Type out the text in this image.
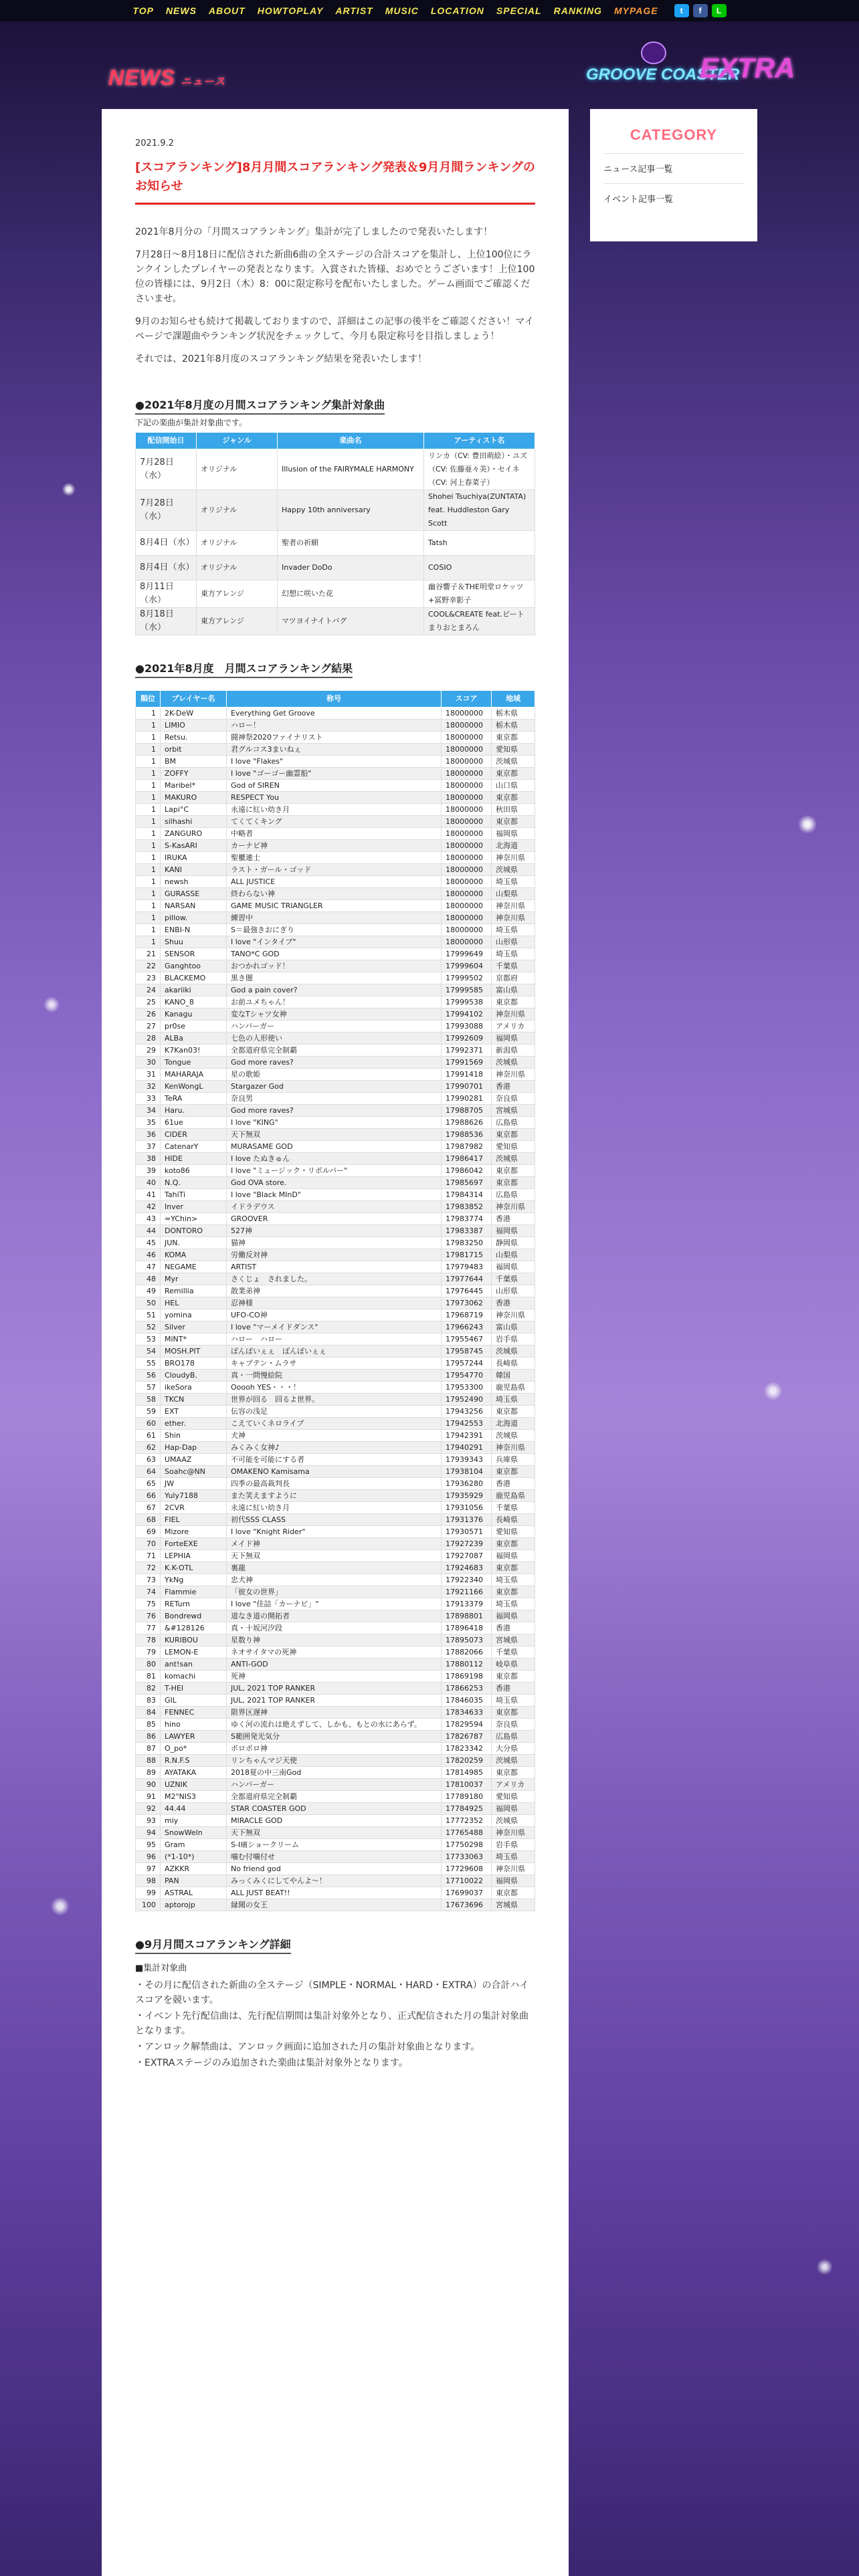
TOP NEWS ABOUT HOWTOPLAY ARTIST MUSIC LOCATION SPECIAL RANKING MYPAGE	t	f	L
NEWS ニュース	GROOVE COASTER
EXTRA
2021.9.2
[スコアランキング]8月月間スコアランキング発表＆9月月間ランキングのお知らせ

2021年8月分の「月間スコアランキング」集計が完了しましたので発表いたします！

7月28日〜8月18日に配信された新曲6曲の全ステージの合計スコアを集計し、上位100位にランクインしたプレイヤーの発表となります。入賞された皆様、おめでとうございます！上位100位の皆様には、9月2日（木）8：00に限定称号を配布いたしました。ゲーム画面でご確認くださいませ。

9月のお知らせも続けて掲載しておりますので、詳細はこの記事の後半をご確認ください！マイページで課題曲やランキング状況をチェックして、今月も限定称号を目指しましょう！

それでは、2021年8月度のスコアランキング結果を発表いたします！

●2021年8月度の月間スコアランキング集計対象曲
下記の楽曲が集計対象曲です。
配信開始日	ジャンル	楽曲名	アーティスト名
7月28日（水）	オリジナル	Illusion of the FAIRYMALE HARMONY	リンカ（CV: 豊田萌絵）・ユズ（CV: 佐藤亜々美）・セイネ（CV: 河上春菜子）
7月28日（水）	オリジナル	Happy 10th anniversary	Shohei Tsuchiya(ZUNTATA) feat. Huddleston Gary Scott
8月4日（水）	オリジナル	聖者の祈願	Tatsh
8月4日（水）	オリジナル	Invader DoDo	COSIO
8月11日（水）	東方アレンジ	幻想に咲いた花	幽谷響子＆THE明堂ロケッツ+冨野幸影子
8月18日（水）	東方アレンジ	マツヨイナイトバグ	COOL&CREATE feat.ビートまりおとまろん
●2021年8月度　月間スコアランキング結果
順位	プレイヤー名	称号	スコア	地域
1	2K-DeW	Everything Get Groove	18000000	栃木県
1	LIMIO	ハロー！	18000000	栃木県
1	Retsu.	闘神祭2020ファイナリスト	18000000	東京都
1	orbit	君グルコス3まいねぇ	18000000	愛知県
1	BM	I love "Flakes"	18000000	茨城県
1	ZOFFY	I love "ゴーゴー幽霊船"	18000000	東京都
1	Maribel*	God of SIREN	18000000	山口県
1	MAKURO	RESPECT You	18000000	東京都
1	Lapi°C	永遠に紅い幼き月	18000000	秋田県
1	silhashi	てくてくキング	18000000	東京都
1	ZANGURO	中略者	18000000	福岡県
1	S-KasARI	カーナビ神	18000000	北海道
1	IRUKA	聖櫃連士	18000000	神奈川県
1	KANI	ラスト・ガール・ゴッド	18000000	茨城県
1	newsh	ALL JUSTICE	18000000	埼玉県
1	GURASSE	終わらない神	18000000	山梨県
1	NARSAN	GAME MUSIC TRIANGLER	18000000	神奈川県
1	pillow.	練習中	18000000	神奈川県
1	ENBI-N	S＝最強きおにぎり	18000000	埼玉県
1	Shuu	I love "インタイプ"	18000000	山形県
21	SENSOR	TANO*C GOD	17999649	埼玉県
22	Ganghtoo	おつかれゴッド！	17999604	千葉県
23	BLACKEMO	黒き闇	17999502	京都府
24	akariiki	God a pain cover?	17999585	富山県
25	KANO_8	お前ユメちゃん！	17999538	東京都
26	Kanagu	変なTシャツ女神	17994102	神奈川県
27	pr0se	ハンバーガー	17993088	アメリカ
28	ALBa	七色の人形使い	17992609	福岡県
29	K7Kan03!	全都道府県完全制覇	17992371	新潟県
30	Tongue	God more raves?	17991569	茨城県
31	MAHARAJA	星の歌姫	17991418	神奈川県
32	KenWongL	Stargazer God	17990701	香港
33	TeRA	奈良男	17990281	奈良県
34	Haru.	God more raves?	17988705	宮城県
35	61ue	I love "KING"	17988626	広島県
36	CIDER	天下無双	17988536	東京都
37	CatenarY	MURASAME GOD	17987982	愛知県
38	HIDE	I love たぬきゅん	17986417	茨城県
39	koto86	I love "ミュージック・リボルバー"	17986042	東京都
40	N.Q.	God OVA store.	17985697	東京都
41	TahiTi	I love "Black MInD"	17984314	広島県
42	Inver	イドラデウス	17983852	神奈川県
43	=YChin>	GROOVER	17983774	香港
44	DONTORO	527神	17983387	福岡県
45	JUN.	猫神	17983250	静岡県
46	KOMA	労働反対神	17981715	山梨県
47	NEGAME	ARTIST	17979483	福岡県
48	Myr	さくじょ　されました。	17977644	千葉県
49	Remillia	散業弟神	17976445	山形県
50	HEL	忍神様	17973062	香港
51	yomina	UFO-CO神	17968719	神奈川県
52	Silver	I love "マーメイドダンス"	17966243	富山県
53	MiNT*	ハロー　ハロー	17955467	岩手県
54	MOSH.PIT	ぽんぽいぇぇ　ぽんぽいぇぇ	17958745	茨城県
55	BRO178	キャプテン・ムラサ	17957244	長崎県
56	CloudyB.	真・一問慢絵院	17954770	韓国
57	ikeSora	Ooooh YES・・・！	17953300	鹿児島県
58	TKCN	世界が回る　回るよ世界。	17952490	埼玉県
59	EXT	伝容の浅足	17943256	東京都
60	ether.	こえていくネロライブ	17942553	北海道
61	Shin	犬神	17942391	茨城県
62	Hap-Dap	みくみく女神♪	17940291	神奈川県
63	UMAAZ	不可能を可能にする者	17939343	兵庫県
64	Soahc@NN	OMAKENO Kamisama	17938104	東京都
65	JW	四季の最高裁判長	17936280	香港
66	Yuly7188	また笑えますように	17935929	鹿児島県
67	2CVR	永遠に紅い幼き月	17931056	千葉県
68	FIEL	初代SSS CLASS	17931376	長崎県
69	Mizore	I love "Knight Rider"	17930571	愛知県
70	ForteEXE	メイド神	17927239	東京都
71	LEPHIA	天下無双	17927087	福岡県
72	K.K-OTL	裏龍	17924683	東京都
73	YkNg	忠犬神	17922340	埼玉県
74	Flammie	「彼女の世界」	17921166	東京都
75	RETurn	I love "佳詰「カーナビ」"	17913379	埼玉県
76	Bondrewd	道なき道の開拓者	17898801	福岡県
77	&#128126	真・十坂河汐段	17896418	香港
78	KURIBOU	星数り神	17895073	宮城県
79	LEMON-E	ネオサイタマの死神	17882066	千葉県
80	ant!san	ANTI-GOD	17880112	岐阜県
81	komachi	死神	17869198	東京都
82	T-HEI	JUL, 2021 TOP RANKER	17866253	香港
83	GIL	JUL, 2021 TOP RANKER	17846035	埼玉県
84	FENNEC	限界区遅神	17834633	東京都
85	hino	ゆく河の流れは絶えずして、しかも、もとの水にあらず。	17829594	奈良県
86	LAWYER	S範囲発光気分	17826787	広島県
87	O_po*	ポロポロ神	17823342	大分県
88	R.N.F.S	リンちゃんマジ天使	17820259	茨城県
89	AYATAKA	2018夏の中三南God	17814985	東京都
90	UZNIK	ハンバーガー	17810037	アメリカ
91	M2"NIS3	全都道府県完全制覇	17789180	愛知県
92	44.44	STAR COASTER GOD	17784925	福岡県
93	miy	MIRACLE GOD	17772352	茨城県
94	SnowWeln	天下無双	17765488	神奈川県
95	Gram	S-Ⅰ痛ショークリーム	17750298	岩手県
96	(*1-10*)	噛む付噛付せ	17733063	埼玉県
97	AZKKR	No friend god	17729608	神奈川県
98	PAN	みっくみくにしてやんよ〜！	17710022	福岡県
99	ASTRAL	ALL JUST BEAT!!	17699037	東京都
100	aptorojp	縁聞の女王	17673696	宮城県
●9月月間スコアランキング詳細
■集計対象曲
・その月に配信された新曲の全ステージ（SIMPLE・NORMAL・HARD・EXTRA）の合計ハイスコアを競います。
・イベント先行配信曲は、先行配信期間は集計対象外となり、正式配信された月の集計対象曲となります。
・アンロック解禁曲は、アンロック画面に追加された月の集計対象曲となります。
・EXTRAステージのみ追加された楽曲は集計対象外となります。
CATEGORY
ニュース記事一覧
イベント記事一覧
